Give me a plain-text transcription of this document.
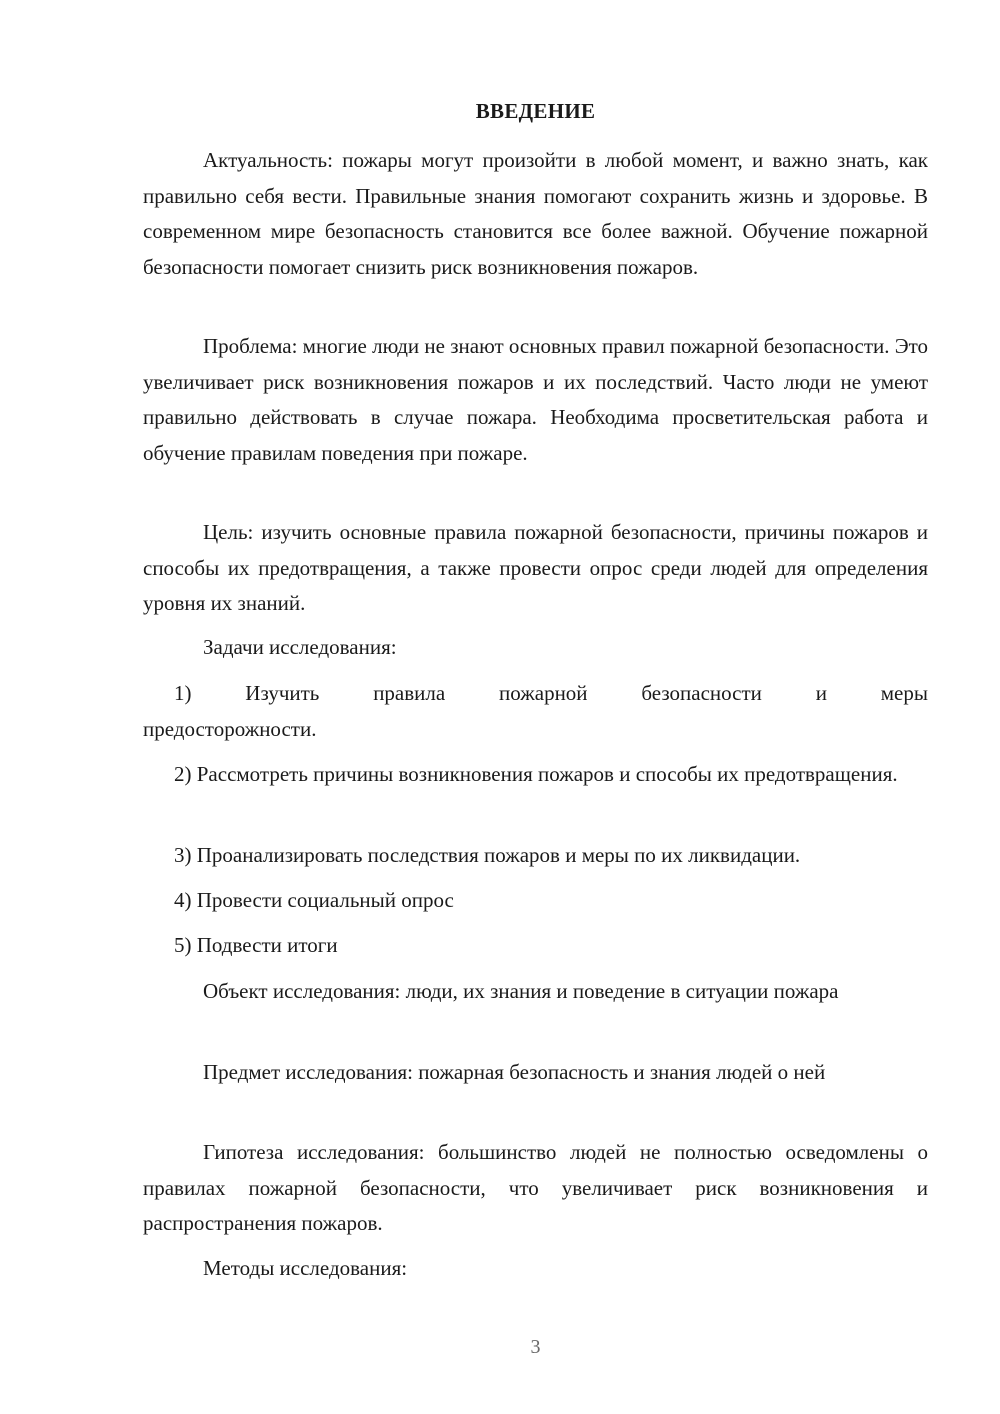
ВВЕДЕНИЕ

Актуальность: пожары могут произойти в любой момент, и важно знать, как правильно себя вести. Правильные знания помогают сохранить жизнь и здоровье. В современном мире безопасность становится все более важной. Обучение пожарной безопасности помогает снизить риск возникновения пожаров.

Проблема: многие люди не знают основных правил пожарной безопасности. Это увеличивает риск возникновения пожаров и их последствий. Часто люди не умеют правильно действовать в случае пожара. Необходима просветительская работа и обучение правилам поведения при пожаре.

Цель: изучить основные правила пожарной безопасности, причины пожаров и способы их предотвращения, а также провести опрос среди людей для определения уровня их знаний.

Задачи исследования:

1) Изучить правила пожарной безопасности и меры предосторожности.

2) Рассмотреть причины возникновения пожаров и способы их предотвращения.

3) Проанализировать последствия пожаров и меры по их ликвидации.

4) Провести социальный опрос

5) Подвести итоги

Объект исследования: люди, их знания и поведение в ситуации пожара

Предмет исследования: пожарная безопасность и знания людей о ней

Гипотеза исследования: большинство людей не полностью осведомлены о правилах пожарной безопасности, что увеличивает риск возникновения и распространения пожаров.

Методы исследования:

3
